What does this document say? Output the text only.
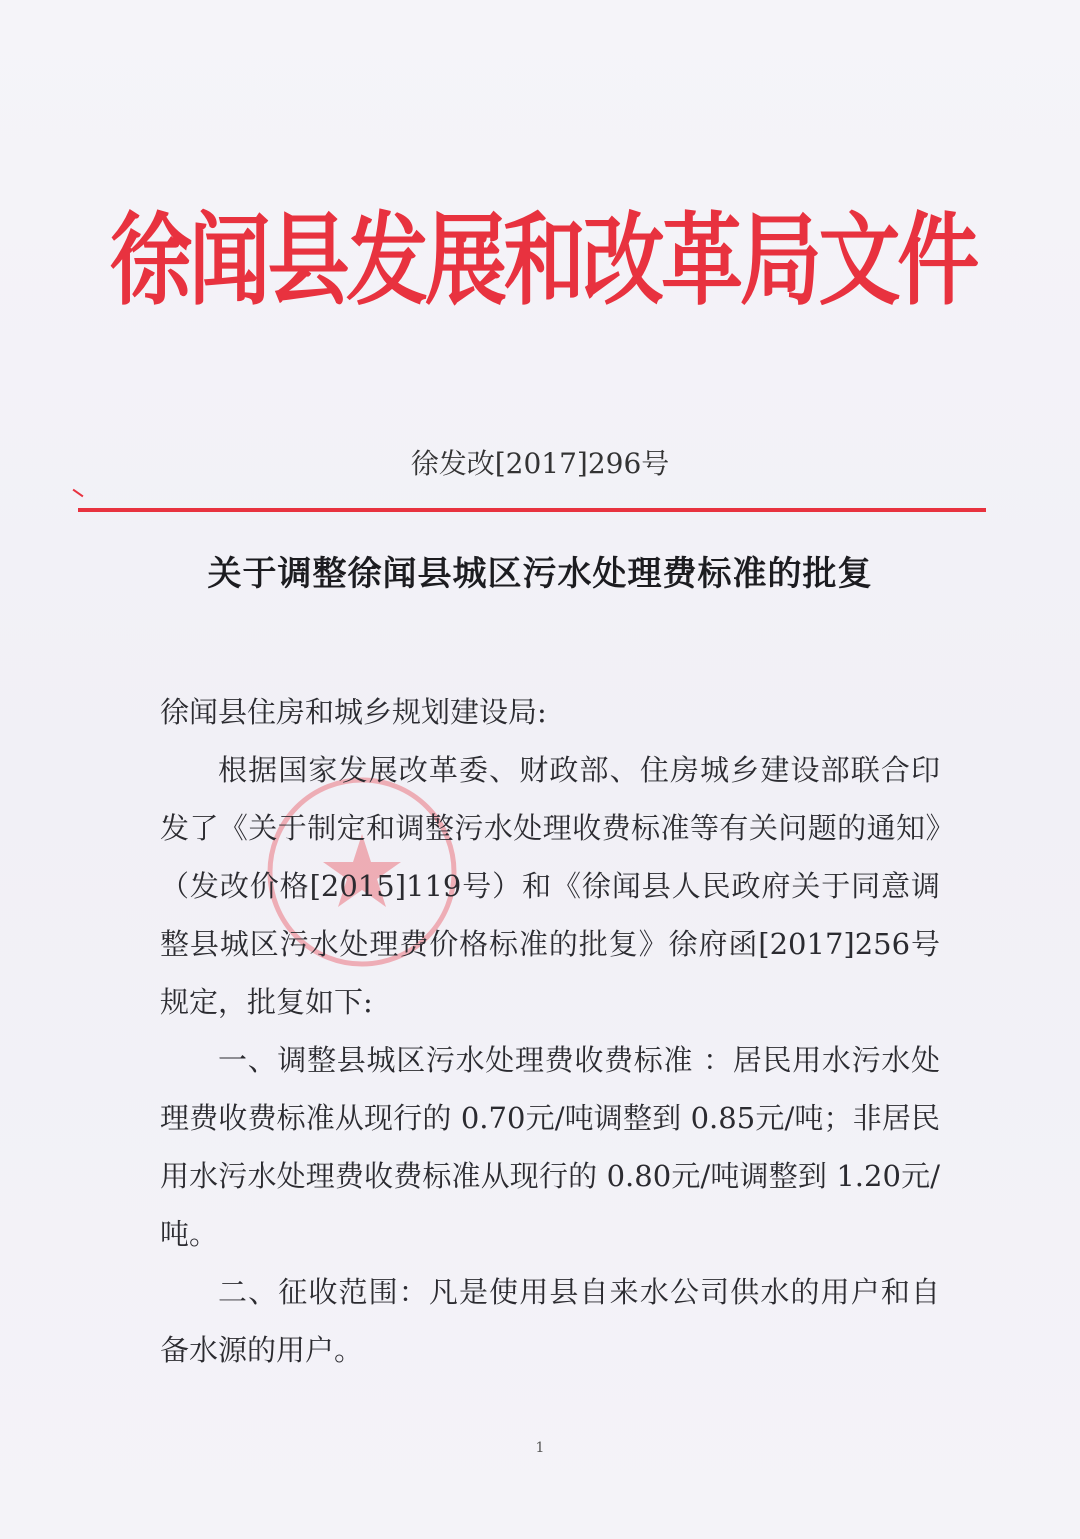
徐闻县发展和改革局文件
徐发改[2017]296号
关于调整徐闻县城区污水处理费标准的批复

徐闻县住房和城乡规划建设局:

根据国家发展改革委、财政部、住房城乡建设部联合印发了《关于制定和调整污水处理收费标准等有关问题的通知》（发改价格[2015]119号）和《徐闻县人民政府关于同意调整县城区污水处理费价格标准的批复》徐府函[2017]256号规定，批复如下:

一、调整县城区污水处理费收费标准 ：居民用水污水处理费收费标准从现行的 0.70元/吨调整到 0.85元/吨；非居民用水污水处理费收费标准从现行的 0.80元/吨调整到 1.20元/吨。

二、征收范围：凡是使用县自来水公司供水的用户和自备水源的用户。

1
